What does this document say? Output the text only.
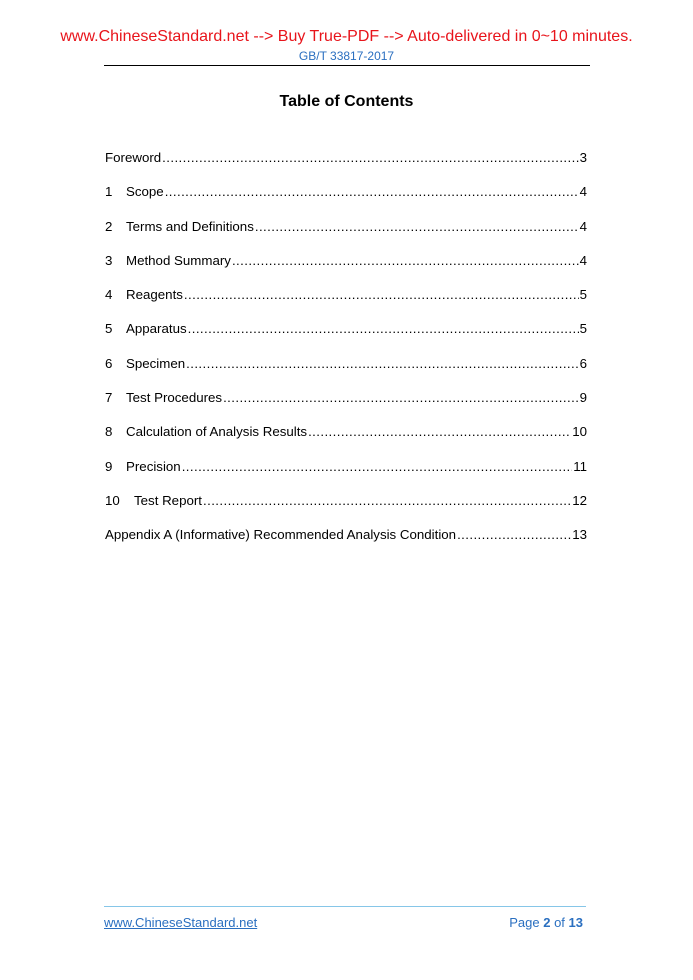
www.ChineseStandard.net --> Buy True-PDF --> Auto-delivered in 0~10 minutes.
GB/T 33817-2017
Table of Contents
Foreword .....	3
1	Scope .....	4
2	Terms and Definitions .....	4
3	Method Summary .....	4
4	Reagents .....	5
5	Apparatus .....	5
6	Specimen .....	6
7	Test Procedures .....	9
8	Calculation of Analysis Results .....	10
9	Precision .....	11
10	Test Report .....	12
Appendix A (Informative) Recommended Analysis Condition .....	13
www.ChineseStandard.net	Page 2 of 13
